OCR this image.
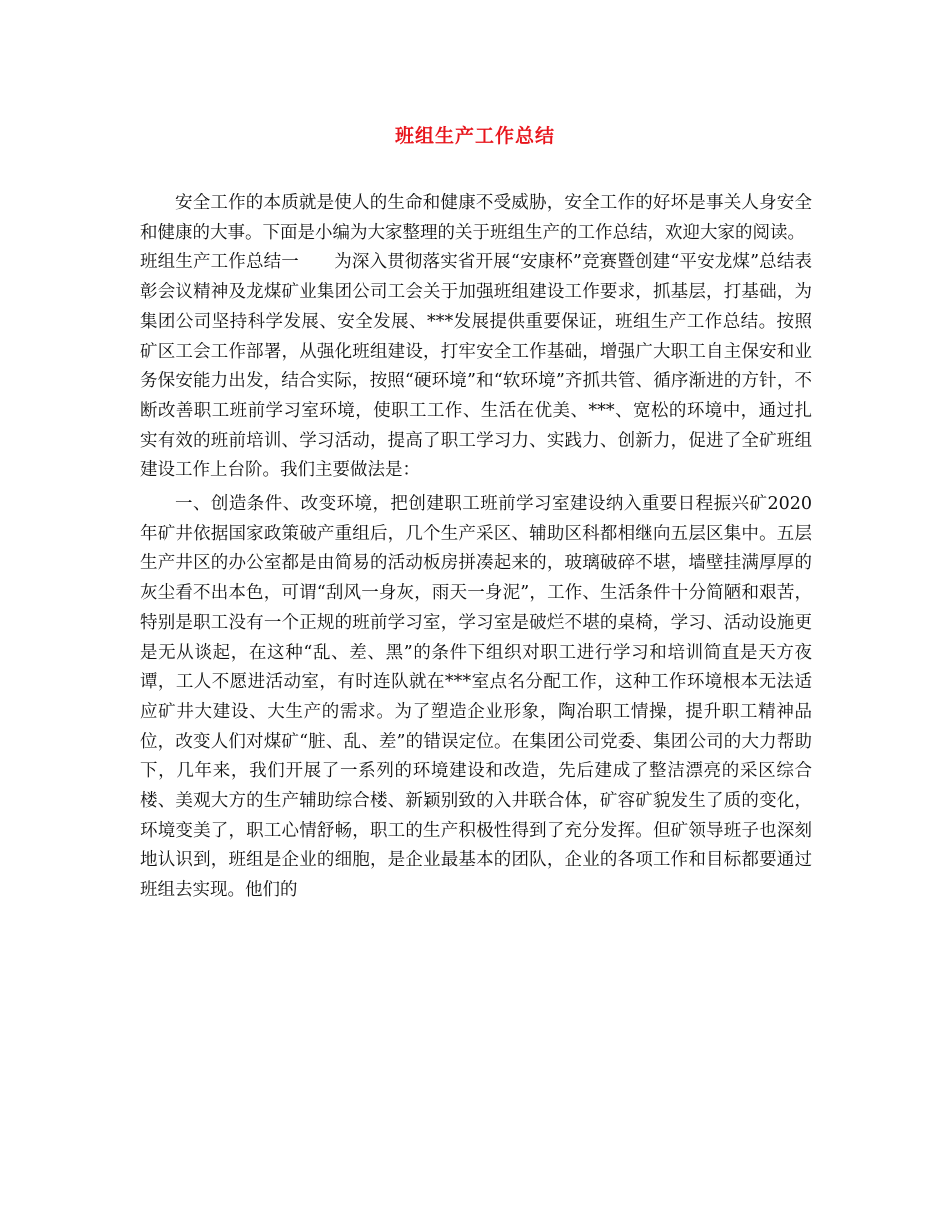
班组生产工作总结

安全工作的本质就是使人的生命和健康不受威胁，安全工作的好坏是事关人身安全和健康的大事。下面是小编为大家整理的关于班组生产的工作总结，欢迎大家的阅读。

班组生产工作总结一　　为深入贯彻落实省开展“安康杯”竞赛暨创建“平安龙煤”总结表彰会议精神及龙煤矿业集团公司工会关于加强班组建设工作要求，抓基层，打基础，为集团公司坚持科学发展、安全发展、***发展提供重要保证，班组生产工作总结。按照矿区工会工作部署，从强化班组建设，打牢安全工作基础，增强广大职工自主保安和业务保安能力出发，结合实际，按照“硬环境”和“软环境”齐抓共管、循序渐进的方针，不断改善职工班前学习室环境，使职工工作、生活在优美、***、宽松的环境中，通过扎实有效的班前培训、学习活动，提高了职工学习力、实践力、创新力，促进了全矿班组建设工作上台阶。我们主要做法是：

一、创造条件、改变环境，把创建职工班前学习室建设纳入重要日程振兴矿2020年矿井依据国家政策破产重组后，几个生产采区、辅助区科都相继向五层区集中。五层生产井区的办公室都是由简易的活动板房拼凑起来的，玻璃破碎不堪，墙壁挂满厚厚的灰尘看不出本色，可谓“刮风一身灰，雨天一身泥”，工作、生活条件十分简陋和艰苦，特别是职工没有一个正规的班前学习室，学习室是破烂不堪的桌椅，学习、活动设施更是无从谈起，在这种“乱、差、黑”的条件下组织对职工进行学习和培训简直是天方夜谭，工人不愿进活动室，有时连队就在***室点名分配工作，这种工作环境根本无法适应矿井大建设、大生产的需求。为了塑造企业形象，陶冶职工情操，提升职工精神品位，改变人们对煤矿“脏、乱、差”的错误定位。在集团公司党委、集团公司的大力帮助下，几年来，我们开展了一系列的环境建设和改造，先后建成了整洁漂亮的采区综合楼、美观大方的生产辅助综合楼、新颖别致的入井联合体，矿容矿貌发生了质的变化，环境变美了，职工心情舒畅，职工的生产积极性得到了充分发挥。但矿领导班子也深刻地认识到，班组是企业的细胞，是企业最基本的团队，企业的各项工作和目标都要通过班组去实现。他们的
